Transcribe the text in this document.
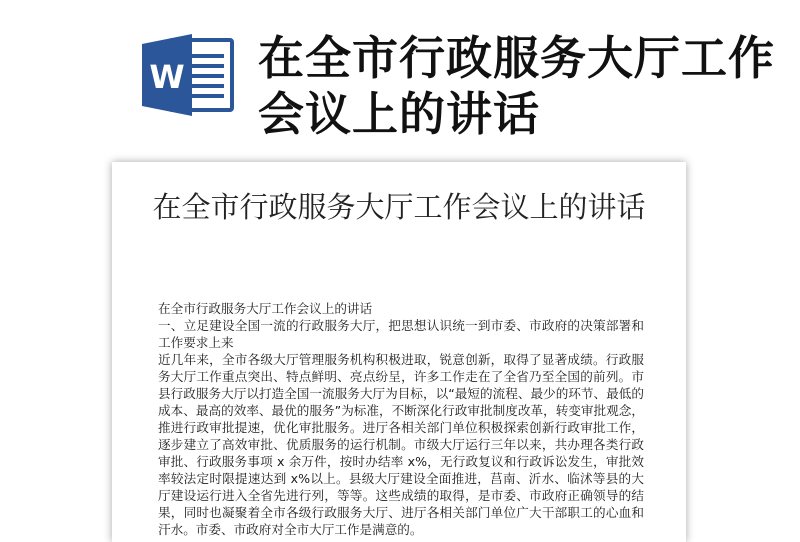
W 在全市行政服务大厅工作会议上的讲话
在全市行政服务大厅工作会议上的讲话

在全市行政服务大厅工作会议上的讲话

一、立足建设全国一流的行政服务大厅，把思想认识统一到市委、市政府的决策部署和工作要求上来

近几年来，全市各级大厅管理服务机构积极进取，锐意创新，取得了显著成绩。行政服务大厅工作重点突出、特点鲜明、亮点纷呈，许多工作走在了全省乃至全国的前列。市县行政服务大厅以打造全国一流服务大厅为目标，以“最短的流程、最少的环节、最低的成本、最高的效率、最优的服务”为标准，不断深化行政审批制度改革，转变审批观念，推进行政审批提速，优化审批服务。进厅各相关部门单位积极探索创新行政审批工作，逐步建立了高效审批、优质服务的运行机制。市级大厅运行三年以来，共办理各类行政审批、行政服务事项 x 余万件，按时办结率 x%，无行政复议和行政诉讼发生，审批效率较法定时限提速达到 x%以上。县级大厅建设全面推进，莒南、沂水、临沭等县的大厅建设运行进入全省先进行列，等等。这些成绩的取得，是市委、市政府正确领导的结果，同时也凝聚着全市各级行政服务大厅、进厅各相关部门单位广大干部职工的心血和汗水。市委、市政府对全市大厅工作是满意的。
